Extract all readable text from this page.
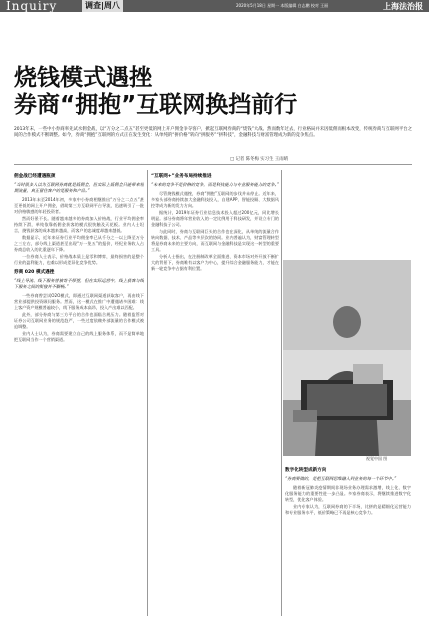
Inquiry	调查|周八	2020年5月18日 星期一 本版编辑 白志鹏 校对 王丽	上海法治报
烧钱模式遇挫
券商“拥抱”互联网换挡前行
2013年末，一些中小券商率先试水佣金战，以“万分之二点五”甚至更低的网上开户佣金争夺客户，掀起互联网券商的“烧钱”大战。然而数年过去，行业格局并未因低佣而根本改变，传统券商与互联网平台之间的合作模式不断调整。如今，券商“拥抱”互联网的方式正在发生变化：从单纯的“拼价格”转向“拼服务”“拼科技”，金融科技与财富管理成为新的竞争焦点。
□ 记者 陈冬梅 实习生 王雨晴
佣金战已经遭遇瓶颈
“当时很多人以为互联网券商就是低佣金，但实际上低佣金只能带来短期流量，真正留住客户的是服务和产品。”

2013年末至2014年初，多家中小券商相继推出“万分之二点五”甚至更低的网上开户佣金，借助第三方互联网平台导流，迅速吸引了一批对价格敏感的年轻投资者。

然而好景不长。随着越来越多的券商加入价格战，行业平均佣金率持续下滑，单纯依靠低佣金获客的模式很快触及天花板。业内人士坦言，烧钱获客的成本越来越高，而客户的忠诚度却越来越低。

数据显示，近年来证券行业平均佣金率已从千分之一以上降至万分之三左右，部分线上渠道甚至出现“万一免五”的报价，经纪业务收入占券商总收入的比重逐年下降。

一位券商人士表示，价格战本质上是零和博弈，最终损害的是整个行业的盈利能力，也难以形成差异化竞争优势。

券商 020 模式遇挫
“线上导流、线下服务曾被寄予厚望，但在实际运营中，线上获客与线下服务之间的衔接并不顺畅。”

一些券商曾尝试O2O模式，即通过互联网渠道获取客户，再由线下营业部提供投资顾问服务。然而，这一模式在推广中遭遇诸多困难：线上客户资产规模普遍较小，线下服务成本高昂，投入产出难以匹配。

此外，部分券商与第三方平台的合作也面临合规压力。随着监管对证券公司互联网业务的规范趋严，一些过度依赖外部流量的合作模式被迫调整。

业内人士认为，券商需要建立自己的线上服务体系，而不是简单地把互联网当作一个营销渠道。

“互联网+”业务布局持续推进
“未来的竞争不是价格的竞争，而是科技能力与专业服务能力的竞争。”

尽管烧钱模式遇挫，券商“拥抱”互联网的步伐并未停止。近年来，多家头部券商持续加大金融科技投入，自建APP、智能投顾、大数据风控等成为新的发力方向。

据统计，2019年证券行业信息技术投入超过200亿元，同比增长明显。部分券商将年营业收入的一定比例用于科技研发，并设立专门的金融科技子公司。

与此同时，券商与互联网巨头的合作也在深化，从单纯的流量合作转向数据、技术、产品等多层次的协同。业内普遍认为，财富管理转型将是券商未来的主要方向，而互联网与金融科技是实现这一转型的重要工具。

分析人士指出，在注册制改革全面推进、资本市场对外开放不断扩大的背景下，券商唯有以客户为中心，提升综合金融服务能力，才能在新一轮竞争中占据有利位置。

视觉中国 图
数字化转型成新方向
“券商要做的，是把互联网思维融入到业务的每一个环节中。”

随着新冠肺炎疫情期间非现场业务办理需求激增，线上化、数字化服务能力的重要性进一步凸显。多家券商表示，将继续推进数字化转型，优化客户体验。

业内专家认为，互联网券商的下半场，比拼的是精细化运营能力和专业服务水平，低价策略已不再是核心竞争力。
